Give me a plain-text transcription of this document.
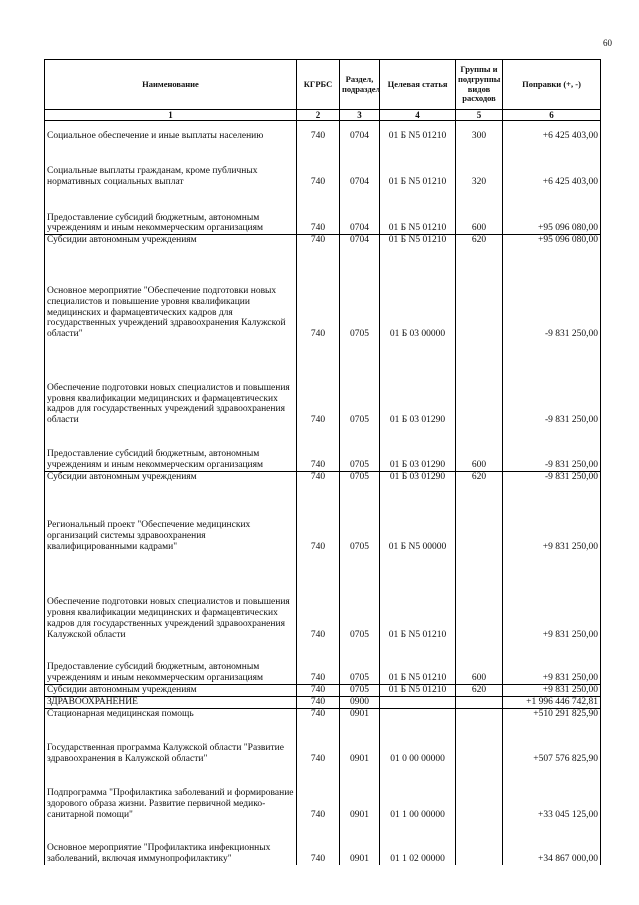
60
Наименование	КГРБС	Раздел, подраздел	Целевая статья	Группы и подгруппы видов расходов	Поправки (+, -)
1	2	3	4	5	6
Социальное обеспечение и иные выплаты населению	740	0704	01 Б N5 01210	300	+6 425 403,00
Социальные выплаты гражданам, кроме публичных нормативных социальных выплат	740	0704	01 Б N5 01210	320	+6 425 403,00
Предоставление субсидий бюджетным, автономным учреждениям и иным некоммерческим организациям	740	0704	01 Б N5 01210	600	+95 096 080,00
Субсидии автономным учреждениям	740	0704	01 Б N5 01210	620	+95 096 080,00
Основное мероприятие "Обеспечение подготовки новых специалистов и повышение уровня квалификации медицинских и фармацевтических кадров для государственных учреждений здравоохранения Калужской области"	740	0705	01 Б 03 00000		-9 831 250,00
Обеспечение подготовки новых специалистов и повышения уровня квалификации медицинских и фармацевтических кадров для государственных учреждений здравоохранения области	740	0705	01 Б 03 01290		-9 831 250,00
Предоставление субсидий бюджетным, автономным учреждениям и иным некоммерческим организациям	740	0705	01 Б 03 01290	600	-9 831 250,00
Субсидии автономным учреждениям	740	0705	01 Б 03 01290	620	-9 831 250,00
Региональный проект "Обеспечение медицинских организаций системы здравоохранения квалифицированными кадрами"	740	0705	01 Б N5 00000		+9 831 250,00
Обеспечение подготовки новых специалистов и повышения уровня квалификации медицинских и фармацевтических кадров для государственных учреждений здравоохранения Калужской области	740	0705	01 Б N5 01210		+9 831 250,00
Предоставление субсидий бюджетным, автономным учреждениям и иным некоммерческим организациям	740	0705	01 Б N5 01210	600	+9 831 250,00
Субсидии автономным учреждениям	740	0705	01 Б N5 01210	620	+9 831 250,00
ЗДРАВООХРАНЕНИЕ	740	0900			+1 996 446 742,81
Стационарная медицинская помощь	740	0901			+510 291 825,90
Государственная программа Калужской области "Развитие здравоохранения в Калужской области"	740	0901	01 0 00 00000		+507 576 825,90
Подпрограмма "Профилактика заболеваний и формирование здорового образа жизни. Развитие первичной медико-санитарной помощи"	740	0901	01 1 00 00000		+33 045 125,00
Основное мероприятие "Профилактика инфекционных заболеваний, включая иммунопрофилактику"	740	0901	01 1 02 00000		+34 867 000,00
